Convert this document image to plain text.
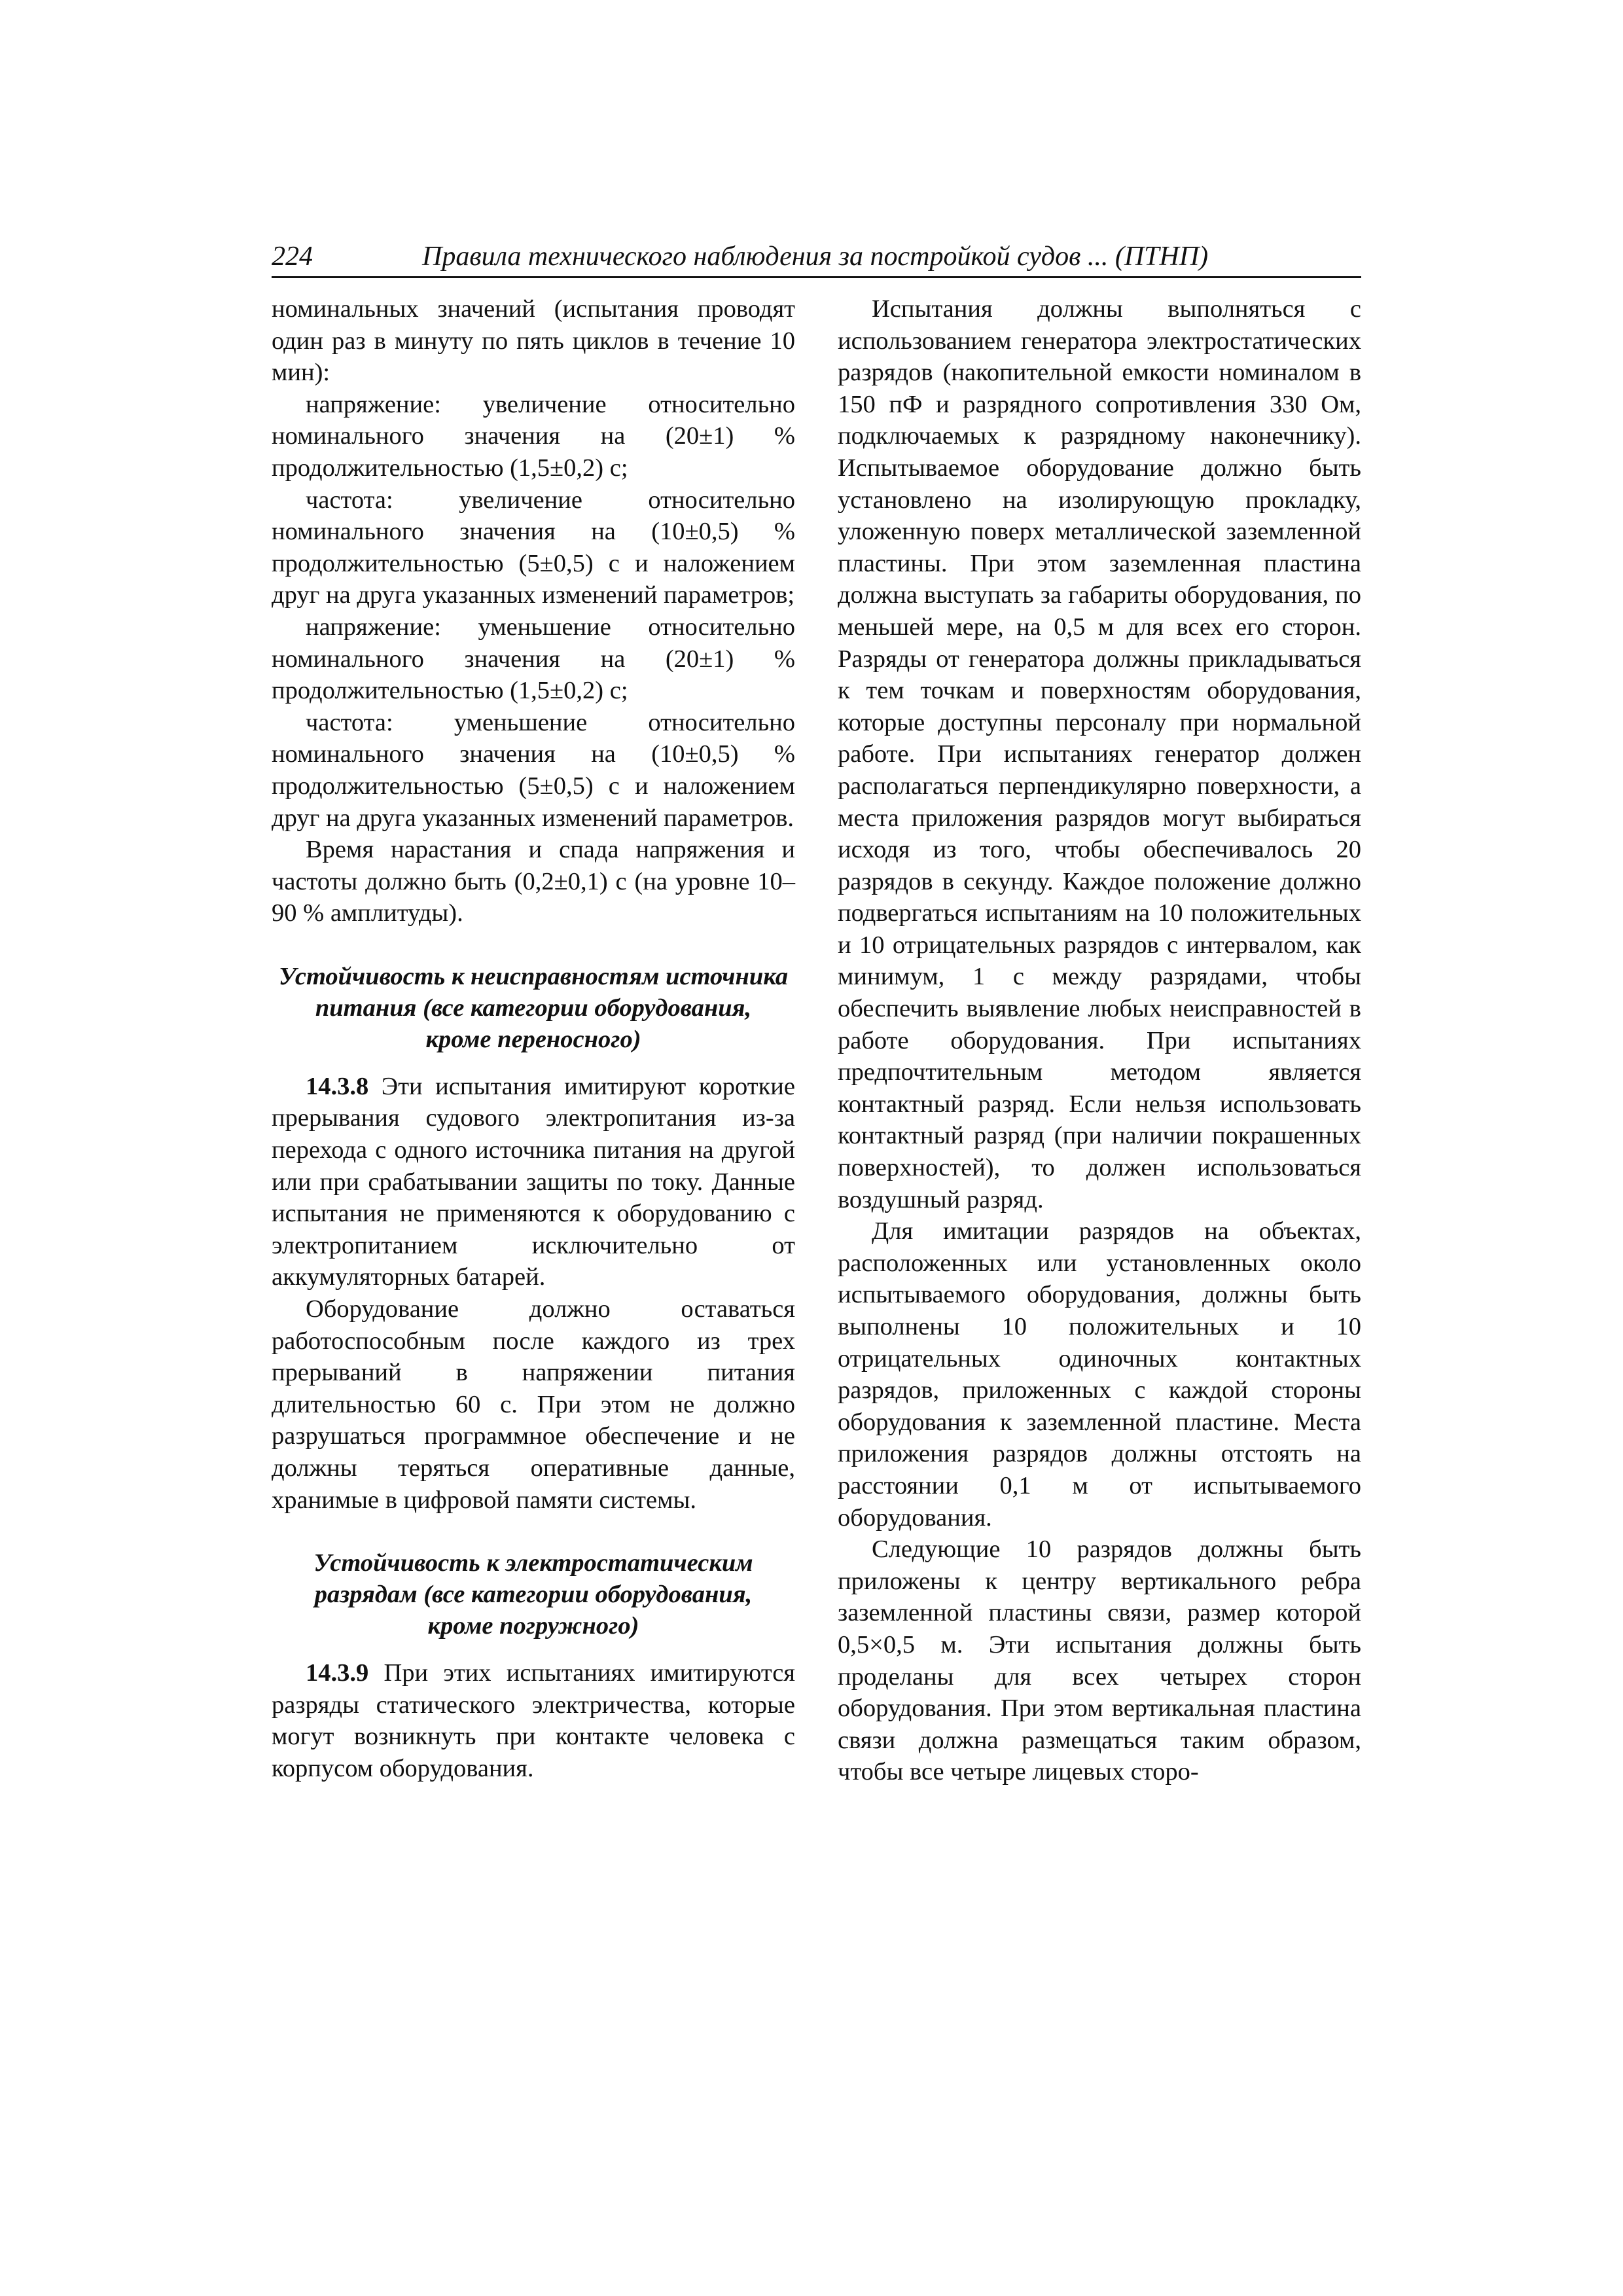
224	Правила технического наблюдения за постройкой судов ... (ПТНП)

номинальных значений (испытания проводят один раз в минуту по пять циклов в течение 10 мин):

напряжение: увеличение относительно номинального значения на (20±1) % продолжительностью (1,5±0,2) с;

частота: увеличение относительно номинального значения на (10±0,5) % продолжительностью (5±0,5) с и наложением друг на друга указанных изменений параметров;

напряжение: уменьшение относительно номинального значения на (20±1) % продолжительностью (1,5±0,2) с;

частота: уменьшение относительно номинального значения на (10±0,5) % продолжительностью (5±0,5) с и наложением друг на друга указанных изменений параметров.

Время нарастания и спада напряжения и частоты должно быть (0,2±0,1) с (на уровне 10–90 % амплитуды).

Устойчивость к неисправностям источника
питания (все категории оборудования,
кроме переносного)

14.3.8 Эти испытания имитируют короткие прерывания судового электропитания из-за перехода с одного источника питания на другой или при срабатывании защиты по току. Данные испытания не применяются к оборудованию с электропитанием исключительно от аккумуляторных батарей.

Оборудование должно оставаться работоспособным после каждого из трех прерываний в напряжении питания длительностью 60 с. При этом не должно разрушаться программное обеспечение и не должны теряться оперативные данные, хранимые в цифровой памяти системы.

Устойчивость к электростатическим
разрядам (все категории оборудования,
кроме погружного)

14.3.9 При этих испытаниях имитируются разряды статического электричества, которые могут возникнуть при контакте человека с корпусом оборудования.

Испытания должны выполняться с использованием генератора электростатических разрядов (накопительной емкости номиналом в 150 пФ и разрядного сопротивления 330 Ом, подключаемых к разрядному наконечнику). Испытываемое оборудование должно быть установлено на изолирующую прокладку, уложенную поверх металлической заземленной пластины. При этом заземленная пластина должна выступать за габариты оборудования, по меньшей мере, на 0,5 м для всех его сторон. Разряды от генератора должны прикладываться к тем точкам и поверхностям оборудования, которые доступны персоналу при нормальной работе. При испытаниях генератор должен располагаться перпендикулярно поверхности, а места приложения разрядов могут выбираться исходя из того, чтобы обеспечивалось 20 разрядов в секунду. Каждое положение должно подвергаться испытаниям на 10 положительных и 10 отрицательных разрядов с интервалом, как минимум, 1 с между разрядами, чтобы обеспечить выявление любых неисправностей в работе оборудования. При испытаниях предпочтительным методом является контактный разряд. Если нельзя использовать контактный разряд (при наличии покрашенных поверхностей), то должен использоваться воздушный разряд.

Для имитации разрядов на объектах, расположенных или установленных около испытываемого оборудования, должны быть выполнены 10 положительных и 10 отрицательных одиночных контактных разрядов, приложенных с каждой стороны оборудования к заземленной пластине. Места приложения разрядов должны отстоять на расстоянии 0,1 м от испытываемого оборудования.

Следующие 10 разрядов должны быть приложены к центру вертикального ребра заземленной пластины связи, размер которой 0,5×0,5 м. Эти испытания должны быть проделаны для всех четырех сторон оборудования. При этом вертикальная пластина связи должна размещаться таким образом, чтобы все четыре лицевых сторо-
